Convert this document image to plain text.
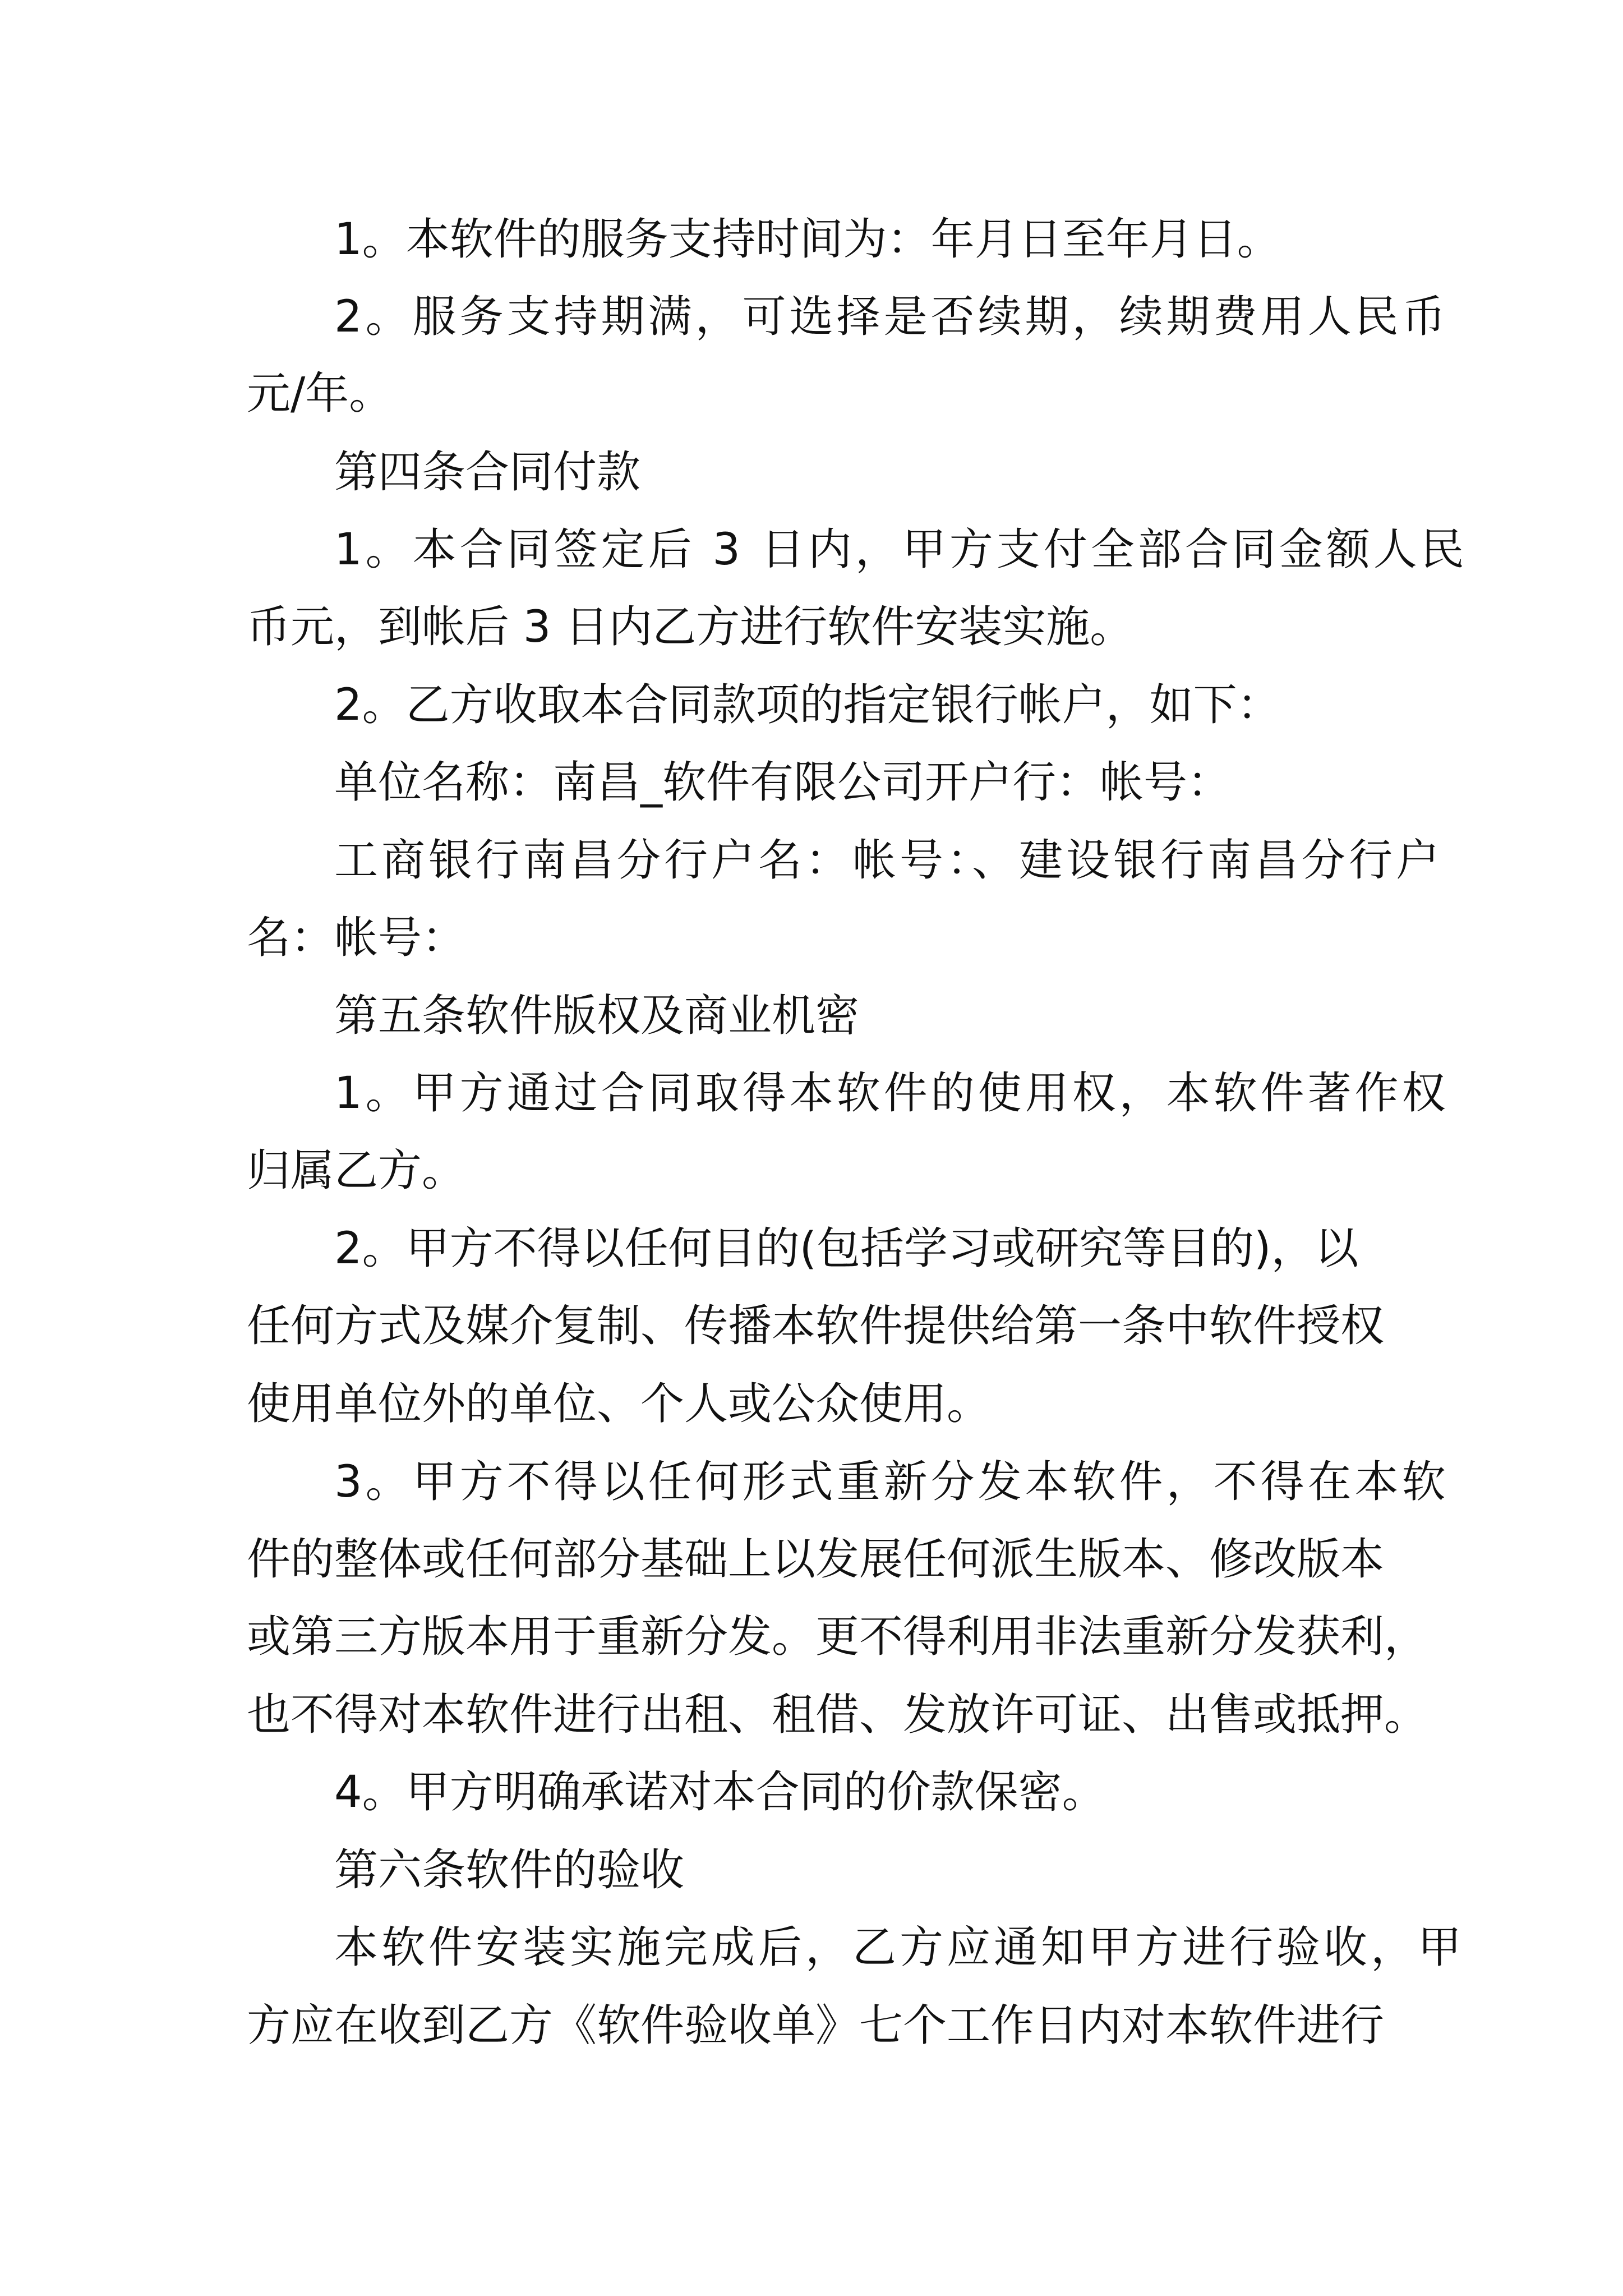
1。本软件的服务支持时间为：年月日至年月日。
2。服务支持期满，可选择是否续期，续期费用人民币
元/年。
第四条合同付款
1。本合同签定后 3 日内，甲方支付全部合同金额人民
币元，到帐后 3 日内乙方进行软件安装实施。
2。乙方收取本合同款项的指定银行帐户，如下：
单位名称：南昌_软件有限公司开户行：帐号：
工商银行南昌分行户名：帐号：、建设银行南昌分行户
名：帐号：
第五条软件版权及商业机密
1。甲方通过合同取得本软件的使用权，本软件著作权
归属乙方。
2。甲方不得以任何目的(包括学习或研究等目的)，以
任何方式及媒介复制、传播本软件提供给第一条中软件授权
使用单位外的单位、个人或公众使用。
3。甲方不得以任何形式重新分发本软件，不得在本软
件的整体或任何部分基础上以发展任何派生版本、修改版本
或第三方版本用于重新分发。更不得利用非法重新分发获利，
也不得对本软件进行出租、租借、发放许可证、出售或抵押。
4。甲方明确承诺对本合同的价款保密。
第六条软件的验收
本软件安装实施完成后，乙方应通知甲方进行验收，甲
方应在收到乙方《软件验收单》七个工作日内对本软件进行
